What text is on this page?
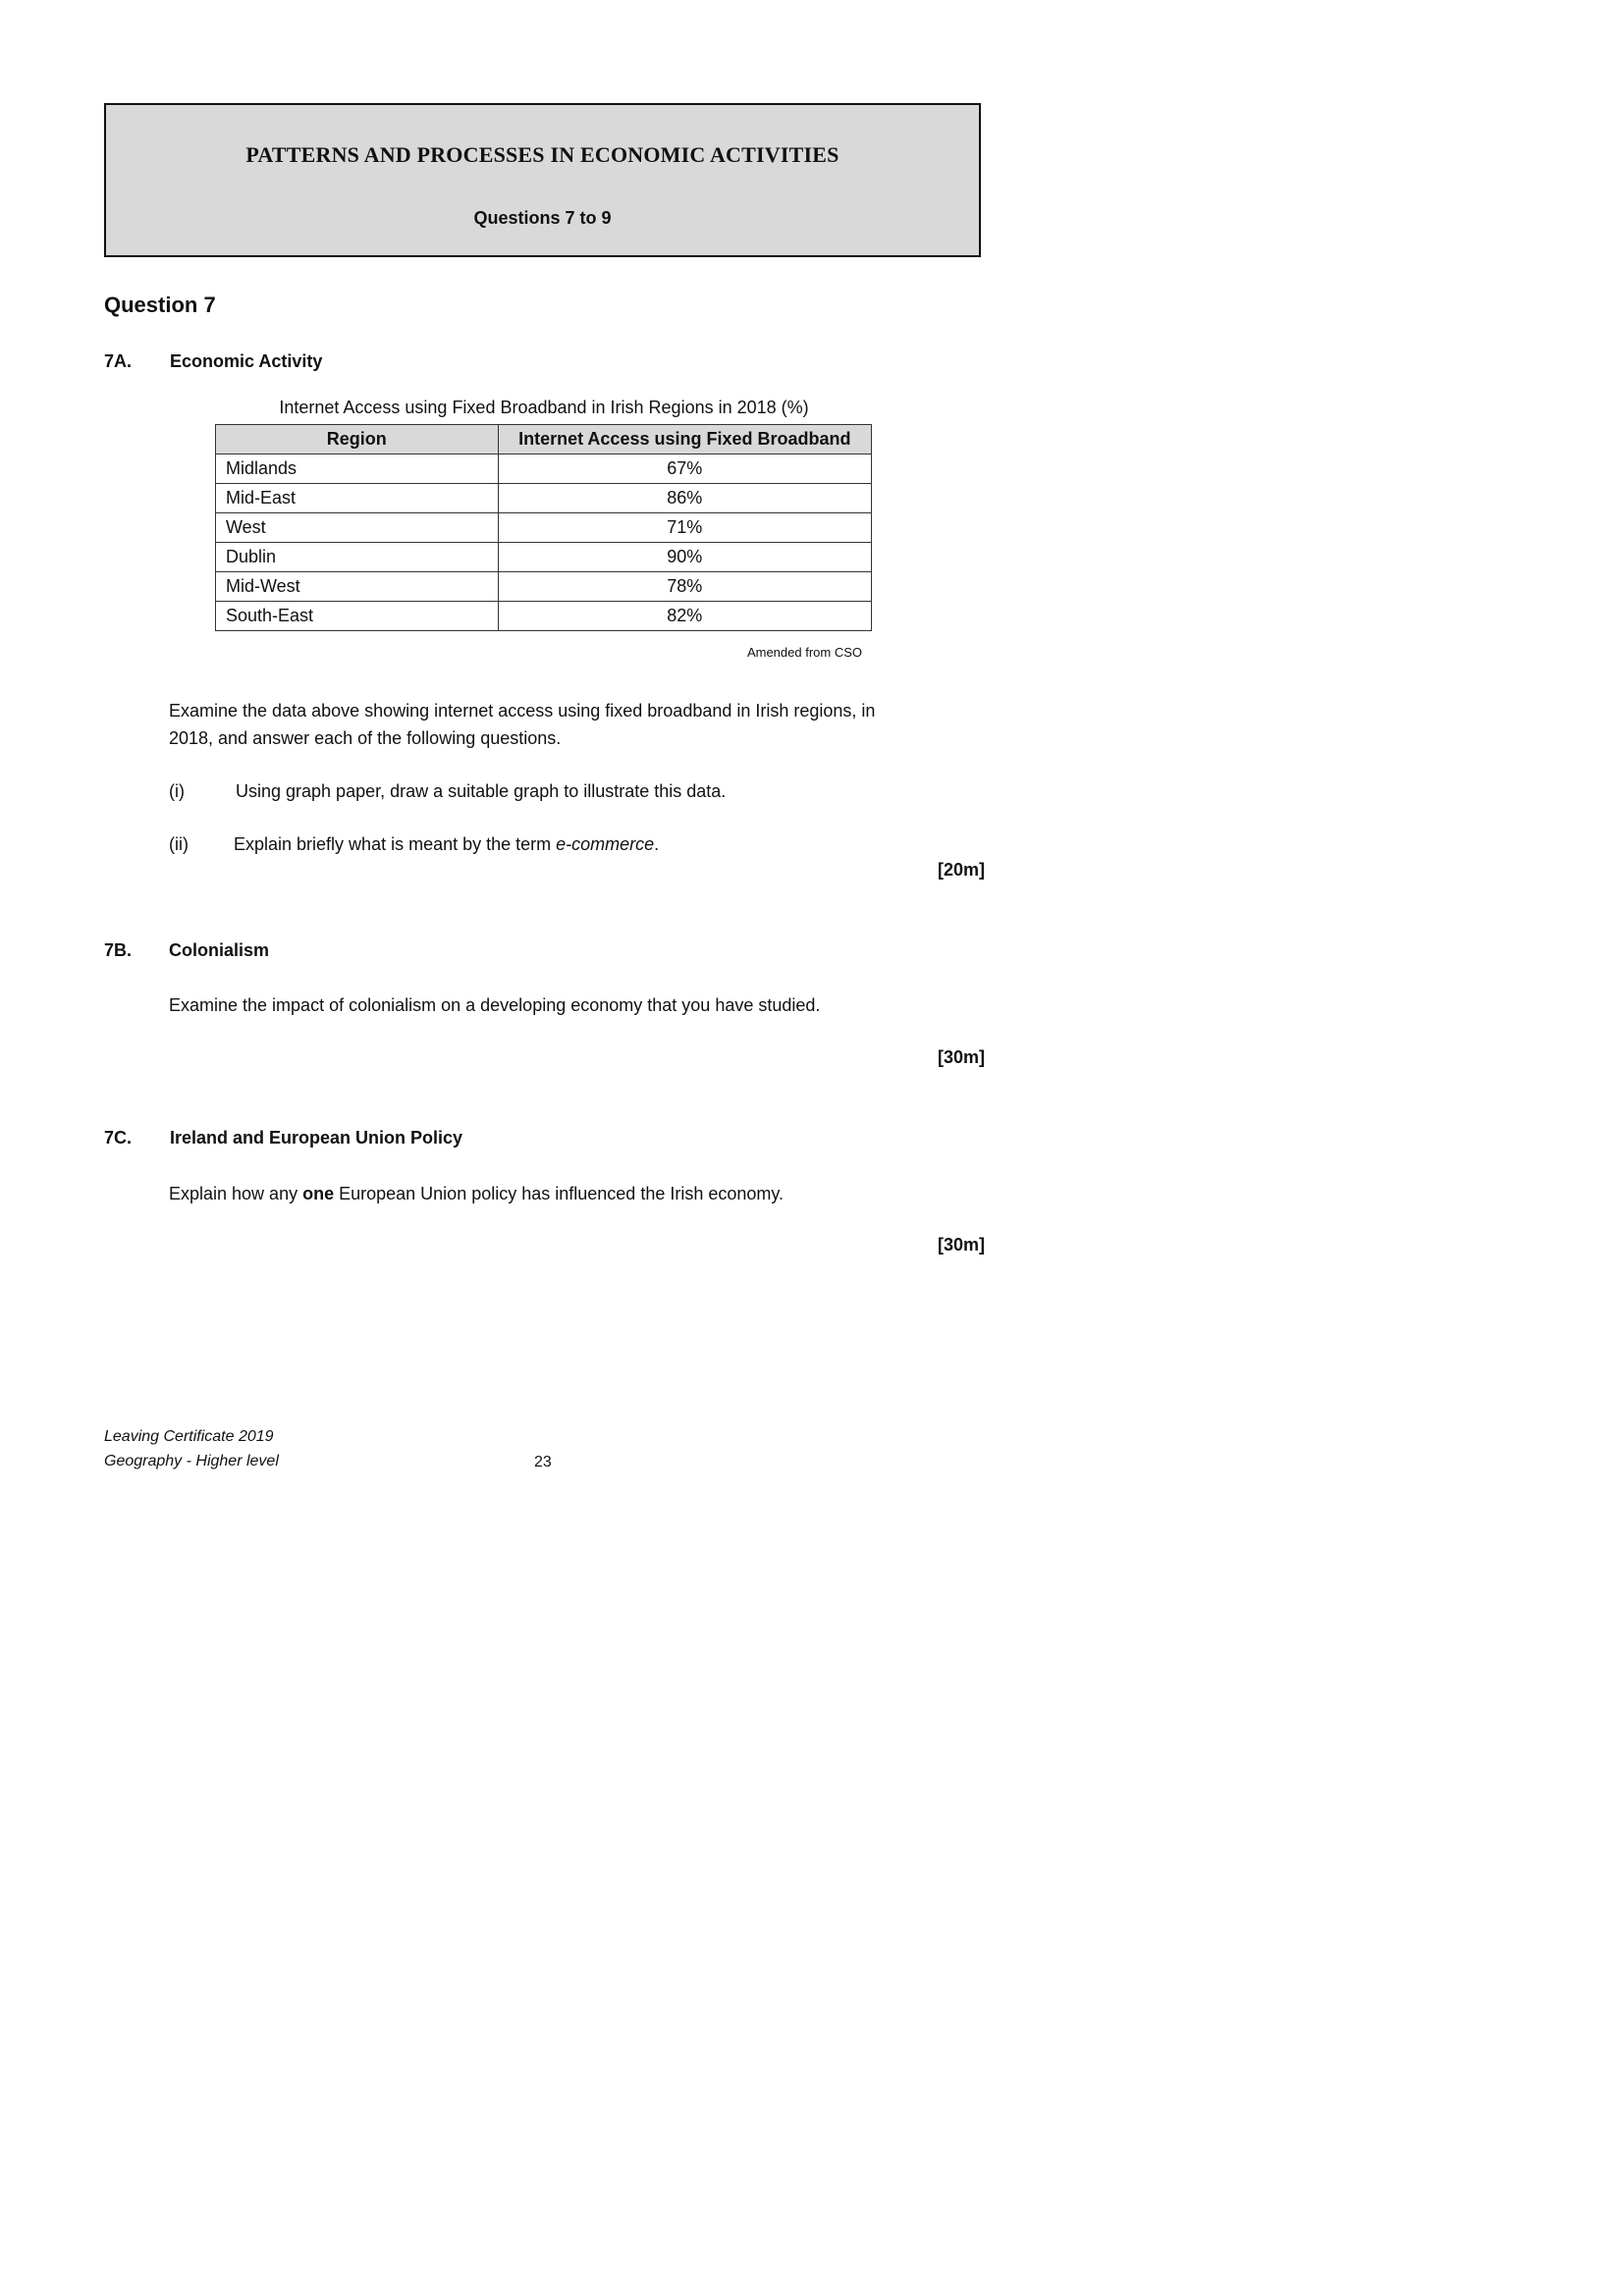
PATTERNS AND PROCESSES IN ECONOMIC ACTIVITIES
Questions 7 to 9
Question 7
7A. Economic Activity
Internet Access using Fixed Broadband in Irish Regions in 2018 (%)
Region	Internet Access using Fixed Broadband
Midlands	67%
Mid-East	86%
West	71%
Dublin	90%
Mid-West	78%
South-East	82%
Amended from CSO
Examine the data above showing internet access using fixed broadband in Irish regions, in
2018, and answer each of the following questions.
(i)	Using graph paper, draw a suitable graph to illustrate this data.
(ii)	Explain briefly what is meant by the term e-commerce.
[20m]
7B. Colonialism
Examine the impact of colonialism on a developing economy that you have studied.
[30m]
7C. Ireland and European Union Policy
Explain how any one European Union policy has influenced the Irish economy.
[30m]
Leaving Certificate 2019
Geography - Higher level	23
